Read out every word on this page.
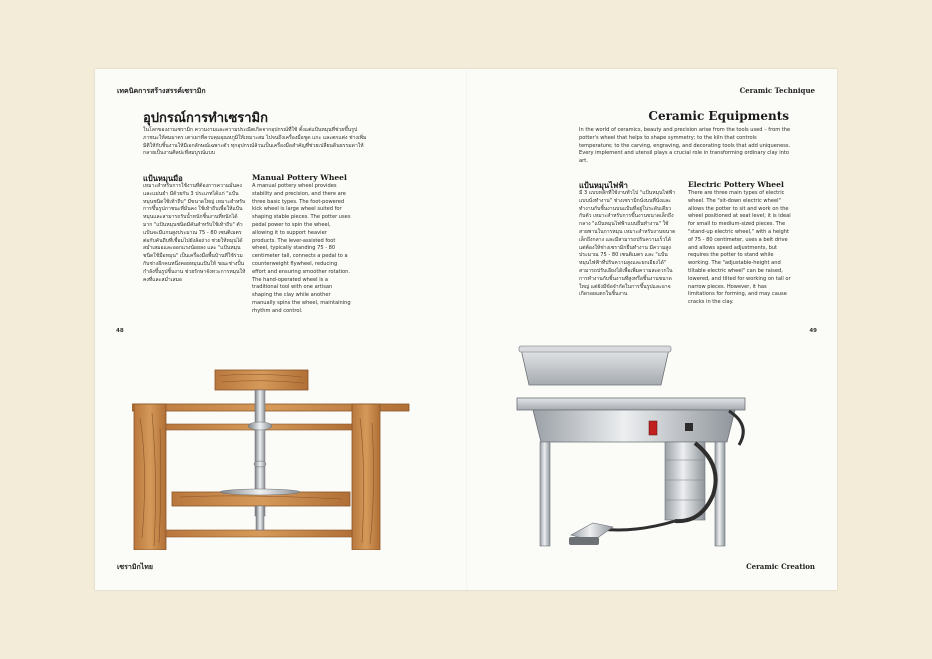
เทคนิคการสร้างสรรค์เซรามิก
อุปกรณ์การทำเซรามิก
ในโลกของงานเซรามิก ความงามและความประณีตเกิดจากอุปกรณ์ที่ใช้ ตั้งแต่แป้นหมุนที่ช่วยขึ้นรูปภาชนะให้สมมาตร เตาเผาที่ควบคุมอุณหภูมิให้เหมาะสม ไปจนถึงเครื่องมือขูด แกะ และตกแต่ง ช่างเพิ่มมิติให้กับชิ้นงานให้มีเอกลักษณ์เฉพาะตัว ทุกอุปกรณ์ล้วนเป็นเครื่องมือสำคัญที่ช่วยเปลี่ยนดินธรรมดาให้กลายเป็นงานศิลปะที่สมบูรณ์แบบ
แป้นหมุนมือ
เหมาะสำหรับการใช้งานที่ต้องการความมั่นคงและแม่นยำ มีด้วยกัน 3 ประเภทได้แก่ "แป้นหมุนชนิดใช้เท้าถีบ" มีขนาดใหญ่ เหมาะสำหรับการขึ้นรูปภาชนะที่มั่นคง ใช้เท้าถีบเพื่อให้แป้นหมุนและสามารถรับน้ำหนักชิ้นงานที่หนักได้มาก "แป้นหมุนชนิดมีคันสำหรับใช้เท้าถีบ" ตัวแป้นจะมีแกนสูงประมาณ 75 - 80 เซนติเมตร ต่อกับคันถีบที่เชื่อมไปยังล้อถ่วง ช่วยให้หมุนได้สม่ำเสมอและออกแรงน้อยลง และ "แป้นหมุนชนิดใช้มือหมุน" เป็นเครื่องมือพื้นบ้านที่ใช้ร่วมกับช่างอีกคนหนึ่งคอยหมุนแป้นให้ ขณะช่างปั้นกำลังขึ้นรูปชิ้นงาน ช่วยรักษาจังหวะการหมุนให้คงที่และสม่ำเสมอ
Manual Pottery Wheel
A manual pottery wheel provides stability and precision, and there are three basic types. The foot-powered kick wheel is large wheel suited for shaping stable pieces. The potter uses pedal power to spin the wheel, allowing it to support heavier products. The lever-assisted foot wheel, typically standing 75 - 80 centimeter tall, connects a pedal to a counterweight flywheel, reducing effort and ensuring smoother rotation. The hand-operated wheel is a traditional tool with one artisan shaping the clay while another manually spins the wheel, maintaining rhythm and control.
48
เซรามิกไทย
Ceramic Technique
Ceramic Equipments
In the world of ceramics, beauty and precision arise from the tools used – from the potter's wheel that helps to shape symmetry; to the kiln that controls temperature; to the carving, engraving, and decorating tools that add uniqueness. Every implement and utensil plays a crucial role in transforming ordinary clay into art.
แป้นหมุนไฟฟ้า
มี 3 แบบหลักที่ใช้งานทั่วไป "แป้นหมุนไฟฟ้าแบบนั่งทำงาน" ช่างเซรามิกนั่งบนที่นั่งและทำงานกับชิ้นงานบนแป้นที่อยู่ในระดับเดียวกับตัว เหมาะสำหรับการขึ้นงานขนาดเล็กถึงกลาง "แป้นหมุนไฟฟ้าแบบยืนทำงาน" ใช้สายพานในการหมุน เหมาะสำหรับงานขนาดเล็กถึงกลาง และมีสามารถปรับความเร็วได้ แต่ต้องให้ช่างเซรามิกยืนทำงาน มีความสูงประมาณ 75 - 80 เซนติเมตร และ "แป้นหมุนไฟฟ้าที่ปรับความสูงและยกเอียงได้" สามารถปรับเอียงได้เพื่อเพิ่มความสะดวกในการทำงานกับชิ้นงานที่สูงหรือชิ้นงานขนาดใหญ่ แต่ยังมีข้อจำกัดในการขึ้นรูปและอาจเกิดรอยแตกในชิ้นงาน
Electric Pottery Wheel
There are three main types of electric wheel. The "sit-down electric wheel" allows the potter to sit and work on the wheel positioned at seat level; it is ideal for small to medium-sized pieces. The "stand-up electric wheel," with a height of 75 - 80 centimeter, uses a belt drive and allows speed adjustments, but requires the potter to stand while working. The "adjustable-height and tiltable electric wheel" can be raised, lowered, and tilted for working on tall or narrow pieces. However, it has limitations for forming, and may cause cracks in the clay.
49
Ceramic Creation
